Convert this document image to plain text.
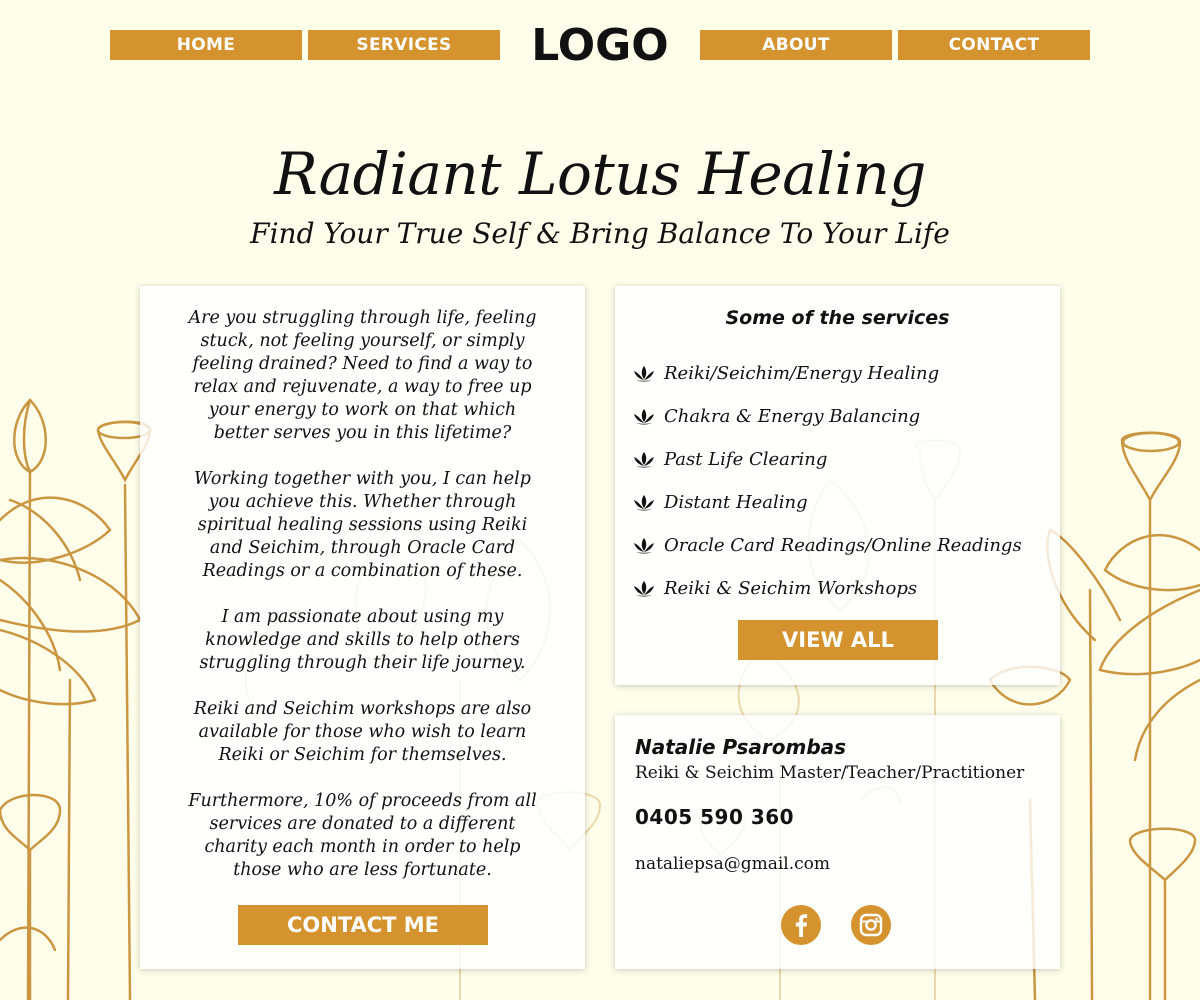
HOME	SERVICES	LOGO	ABOUT	CONTACT
Radiant Lotus Healing
Find Your True Self & Bring Balance To Your Life

Are you struggling through life, feeling stuck, not feeling yourself, or simply feeling drained? Need to find a way to relax and rejuvenate, a way to free up your energy to work on that which better serves you in this lifetime?

Working together with you, I can help you achieve this. Whether through spiritual healing sessions using Reiki and Seichim, through Oracle Card Readings or a combination of these.

I am passionate about using my knowledge and skills to help others struggling through their life journey.

Reiki and Seichim workshops are also available for those who wish to learn Reiki or Seichim for themselves.

Furthermore, 10% of proceeds from all services are donated to a different charity each month in order to help those who are less fortunate.

CONTACT ME
Some of the services
Reiki/Seichim/Energy Healing
Chakra & Energy Balancing
Past Life Clearing
Distant Healing
Oracle Card Readings/Online Readings
Reiki & Seichim Workshops
VIEW ALL
Natalie Psarombas
Reiki & Seichim Master/Teacher/Practitioner
0405 590 360
nataliepsa@gmail.com
